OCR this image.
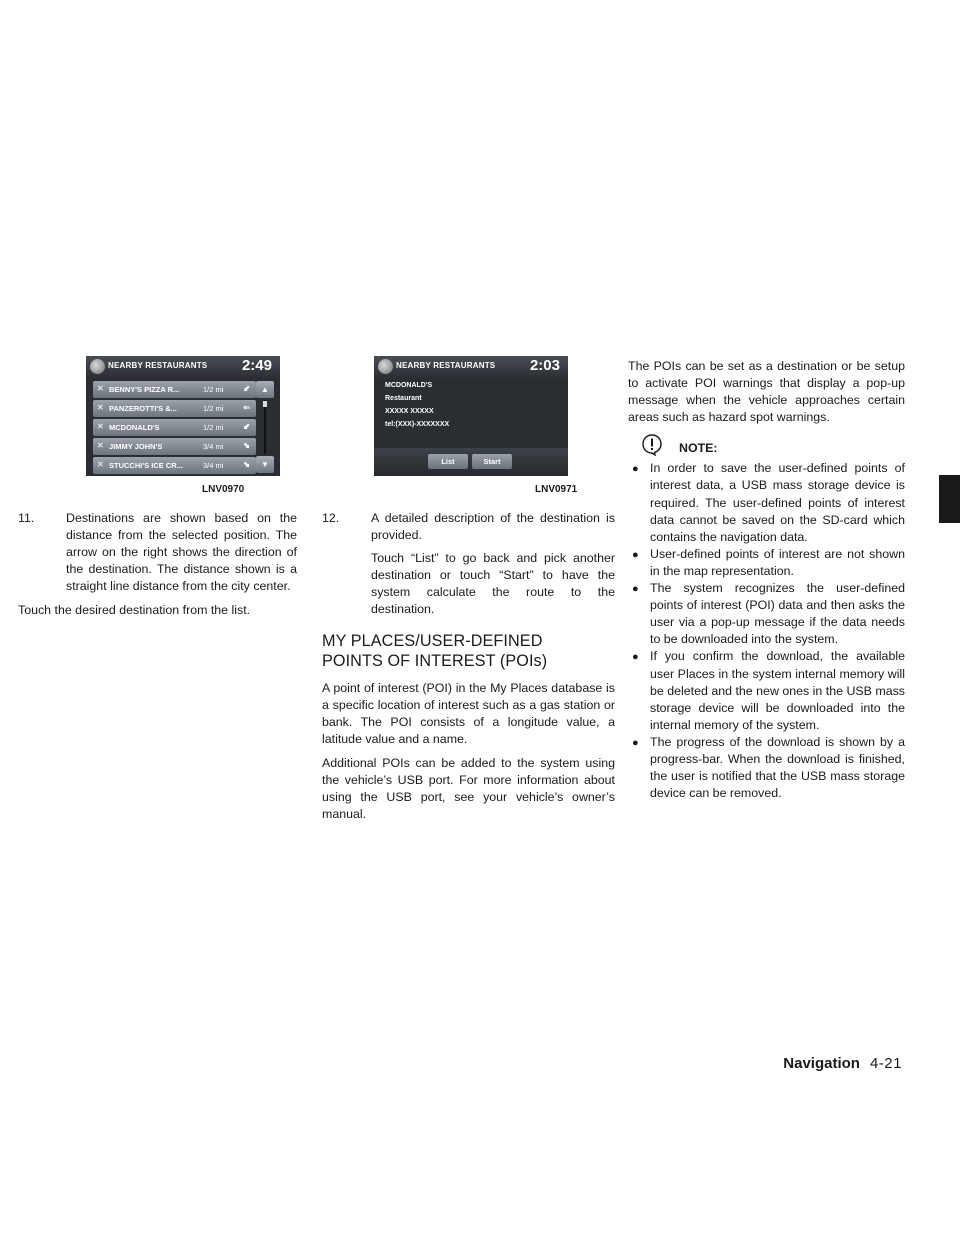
NEARBY RESTAURANTS 2:49
✕ BENNY'S PIZZA R...	1/2 mi ⬋
✕ PANZEROTTI'S &...	1/2 mi ⇐
✕ MCDONALD'S	1/2 mi ⬋
✕ JIMMY JOHN'S	3/4 mi ⬊
✕ STUCCHI'S ICE CR...	3/4 mi ⬊
▲
▼
LNV0970
NEARBY RESTAURANTS 2:03
MCDONALD'S
Restaurant
XXXXX XXXXX
tel:(XXX)-XXXXXXX
List	Start
LNV0971

11.	Destinations are shown based on the distance from the selected position. The arrow on the right shows the direction of the destination. The distance shown is a straight line distance from the city center.

Touch the desired destination from the list.

12.	A detailed description of the destination is provided.

Touch “List” to go back and pick another destination or touch “Start” to have the system calculate the route to the destination.

MY PLACES/USER-DEFINED
POINTS OF INTEREST (POIs)

A point of interest (POI) in the My Places database is a specific location of interest such as a gas station or bank. The POI consists of a longitude value, a latitude value and a name.

Additional POIs can be added to the system using the vehicle’s USB port. For more information about using the USB port, see your vehicle’s owner’s manual.

The POIs can be set as a destination or be setup to activate POI warnings that display a pop-up message when the vehicle approaches certain areas such as hazard spot warnings.

NOTE:

● In order to save the user-defined points of interest data, a USB mass storage device is required. The user-defined points of interest data cannot be saved on the SD-card which contains the navigation data.

● User-defined points of interest are not shown in the map representation.

● The system recognizes the user-defined points of interest (POI) data and then asks the user via a pop-up message if the data needs to be downloaded into the system.

● If you confirm the download, the available user Places in the system internal memory will be deleted and the new ones in the USB mass storage device will be downloaded into the internal memory of the system.

● The progress of the download is shown by a progress-bar. When the download is finished, the user is notified that the USB mass storage device can be removed.

Navigation 4-21
